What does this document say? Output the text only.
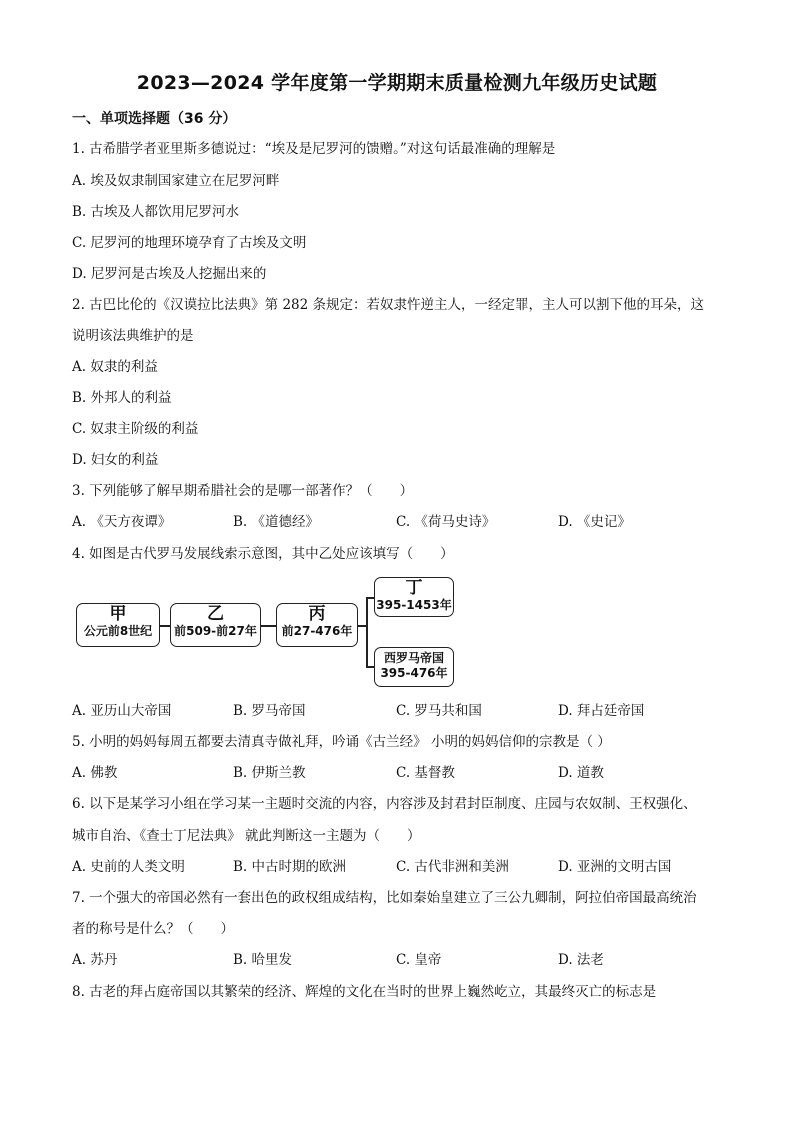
2023—2024 学年度第一学期期末质量检测九年级历史试题
一、单项选择题（36 分）
1. 古希腊学者亚里斯多德说过：“埃及是尼罗河的馈赠。”对这句话最准确的理解是
A. 埃及奴隶制国家建立在尼罗河畔
B. 古埃及人都饮用尼罗河水
C. 尼罗河的地理环境孕育了古埃及文明
D. 尼罗河是古埃及人挖掘出来的
2. 古巴比伦的《汉谟拉比法典》第 282 条规定：若奴隶忤逆主人，一经定罪，主人可以割下他的耳朵，这
说明该法典维护的是
A. 奴隶的利益
B. 外邦人的利益
C. 奴隶主阶级的利益
D. 妇女的利益
3. 下列能够了解早期希腊社会的是哪一部著作？（　　）
A. 《天方夜谭》	B. 《道德经》	C. 《荷马史诗》	D. 《史记》
4. 如图是古代罗马发展线索示意图，其中乙处应该填写（　　）
甲
公元前8世纪
乙
前509-前27年
丙
前27-476年
丁
395-1453年
西罗马帝国
395-476年
A. 亚历山大帝国	B. 罗马帝国	C. 罗马共和国	D. 拜占廷帝国
5. 小明的妈妈每周五都要去清真寺做礼拜，吟诵《古兰经》 小明的妈妈信仰的宗教是（ ）
A. 佛教	B. 伊斯兰教	C. 基督教	D. 道教
6. 以下是某学习小组在学习某一主题时交流的内容，内容涉及封君封臣制度、庄园与农奴制、王权强化、
城市自治、《查士丁尼法典》 就此判断这一主题为（　　）
A. 史前的人类文明	B. 中古时期的欧洲	C. 古代非洲和美洲	D. 亚洲的文明古国
7. 一个强大的帝国必然有一套出色的政权组成结构，比如秦始皇建立了三公九卿制，阿拉伯帝国最高统治
者的称号是什么？（　　）
A. 苏丹	B. 哈里发	C. 皇帝	D. 法老
8. 古老的拜占庭帝国以其繁荣的经济、辉煌的文化在当时的世界上巍然屹立，其最终灭亡的标志是
